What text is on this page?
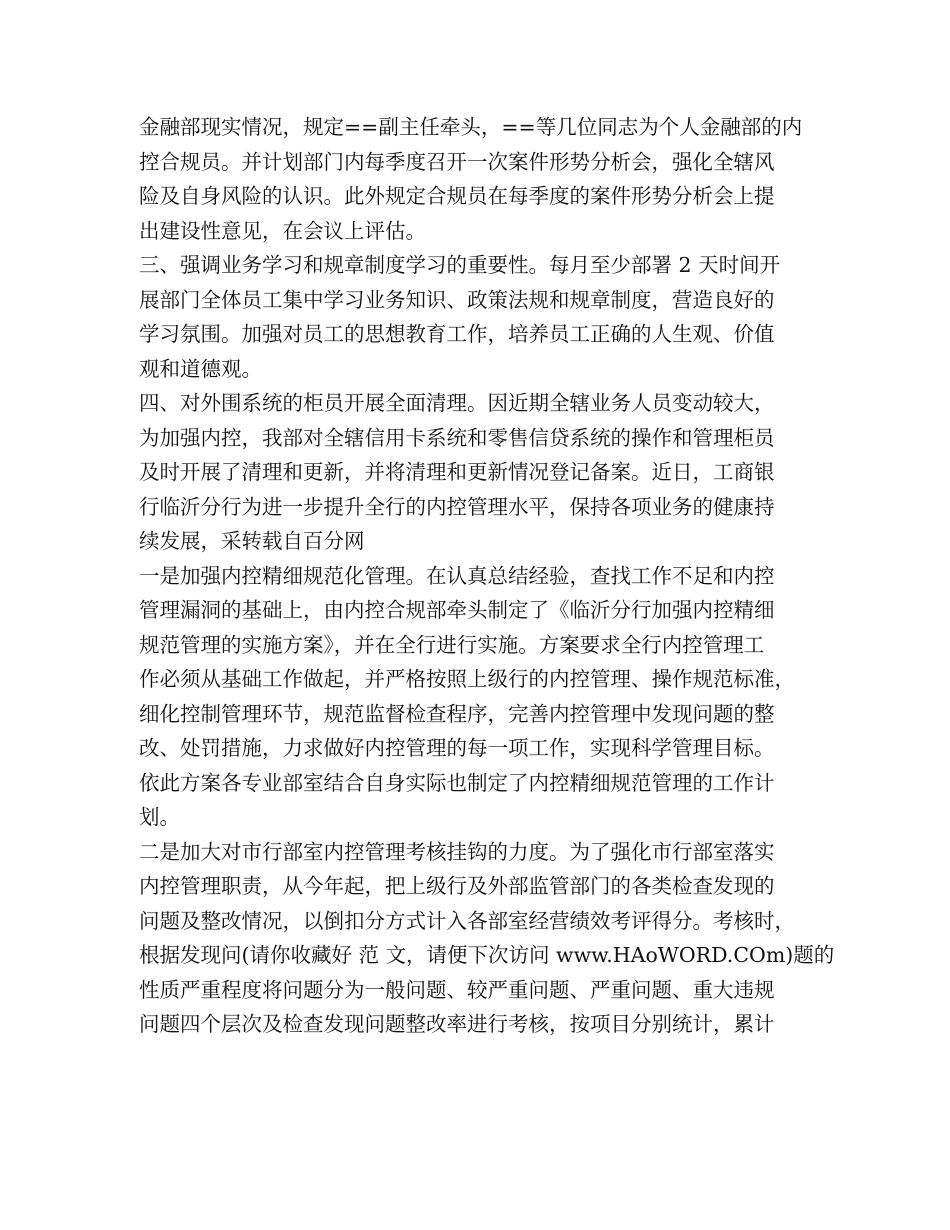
金融部现实情况，规定==副主任牵头，==等几位同志为个人金融部的内
控合规员。并计划部门内每季度召开一次案件形势分析会，强化全辖风
险及自身风险的认识。此外规定合规员在每季度的案件形势分析会上提
出建设性意见，在会议上评估。
三、强调业务学习和规章制度学习的重要性。每月至少部署 2 天时间开
展部门全体员工集中学习业务知识、政策法规和规章制度，营造良好的
学习氛围。加强对员工的思想教育工作，培养员工正确的人生观、价值
观和道德观。
四、对外围系统的柜员开展全面清理。因近期全辖业务人员变动较大，
为加强内控，我部对全辖信用卡系统和零售信贷系统的操作和管理柜员
及时开展了清理和更新，并将清理和更新情况登记备案。近日，工商银
行临沂分行为进一步提升全行的内控管理水平，保持各项业务的健康持
续发展，采转载自百分网
一是加强内控精细规范化管理。在认真总结经验，查找工作不足和内控
管理漏洞的基础上，由内控合规部牵头制定了《临沂分行加强内控精细
规范管理的实施方案》，并在全行进行实施。方案要求全行内控管理工
作必须从基础工作做起，并严格按照上级行的内控管理、操作规范标准，
细化控制管理环节，规范监督检查程序，完善内控管理中发现问题的整
改、处罚措施，力求做好内控管理的每一项工作，实现科学管理目标。
依此方案各专业部室结合自身实际也制定了内控精细规范管理的工作计
划。
二是加大对市行部室内控管理考核挂钩的力度。为了强化市行部室落实
内控管理职责，从今年起，把上级行及外部监管部门的各类检查发现的
问题及整改情况，以倒扣分方式计入各部室经营绩效考评得分。考核时，
根据发现问(请你收藏好 范 文，请便下次访问 www.HAoWORD.COm)题的
性质严重程度将问题分为一般问题、较严重问题、严重问题、重大违规
问题四个层次及检查发现问题整改率进行考核，按项目分别统计，累计
